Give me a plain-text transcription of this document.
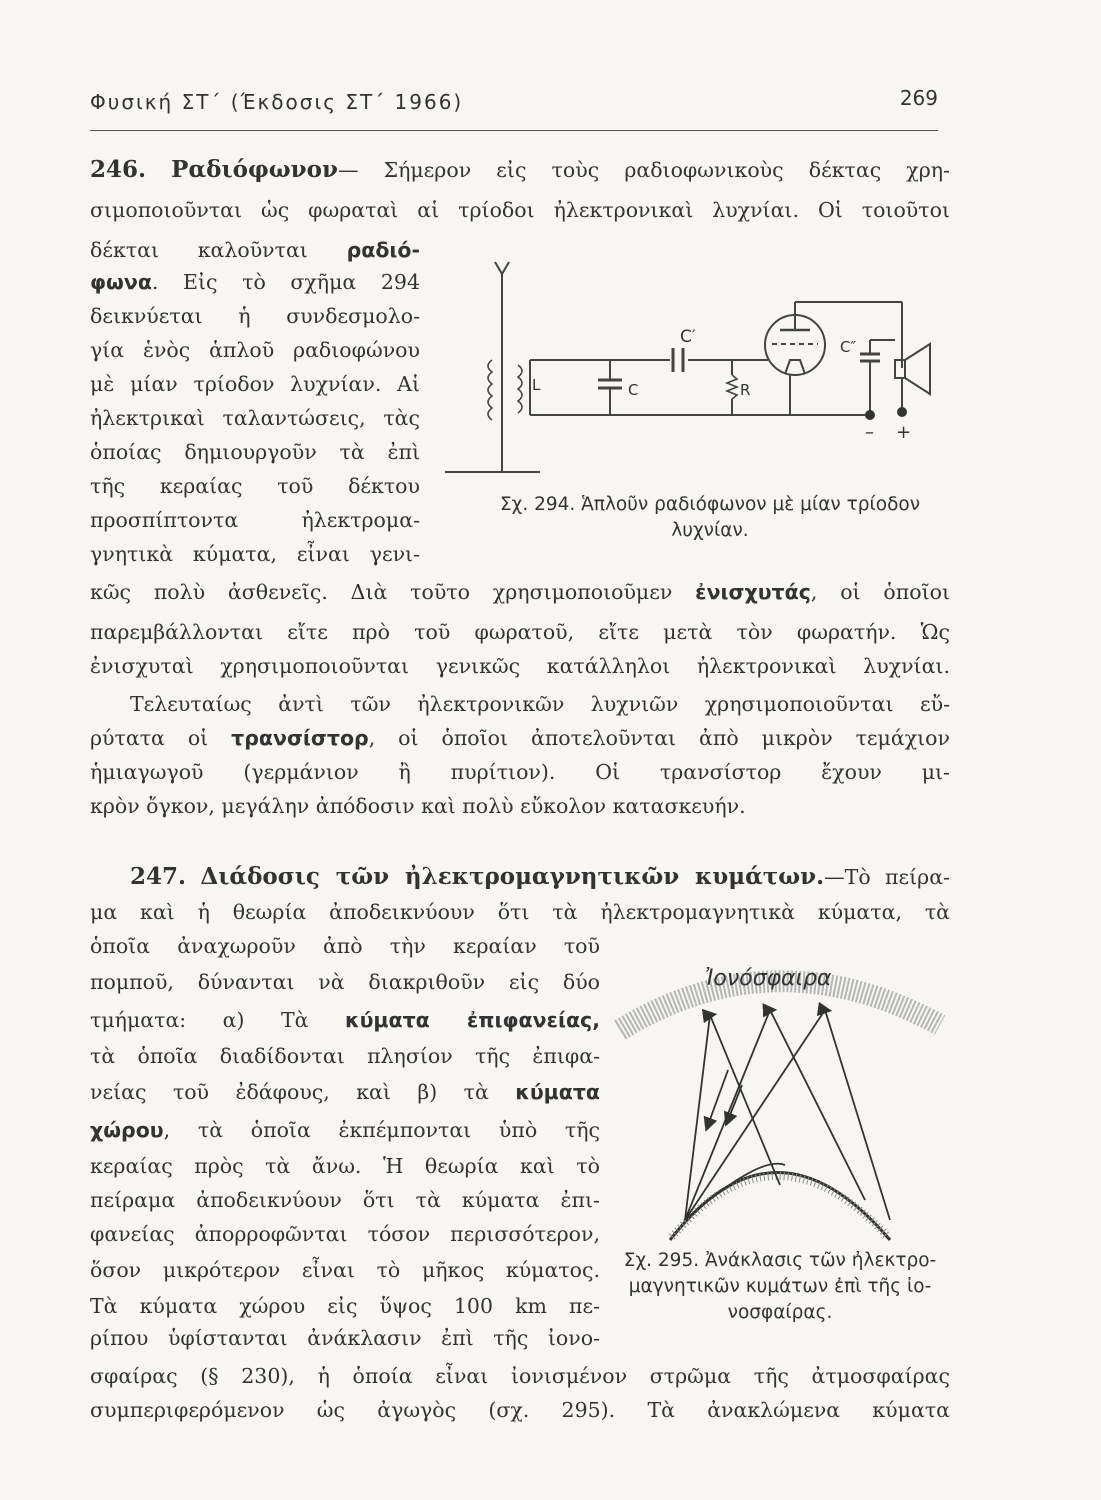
Φυσική ΣΤ΄ (Έκδοσις ΣΤ΄ 1966)	269
246. Ραδιόφωνον— Σήμερον εἰς τοὺς ραδιοφωνικοὺς δέκτας χρη-
σιμοποιοῦνται ὡς φωραταὶ αἱ τρίοδοι ἠλεκτρονικαὶ λυχνίαι. Οἱ τοιοῦτοι
δέκται καλοῦνται ραδιό-
φωνα. Εἰς τὸ σχῆμα 294
δεικνύεται ἡ συνδεσμολο-
γία ἑνὸς ἁπλοῦ ραδιοφώνου
μὲ μίαν τρίοδον λυχνίαν. Αἱ
ἠλεκτρικαὶ ταλαντώσεις, τὰς
ὁποίας δημιουργοῦν τὰ ἐπὶ
τῆς κεραίας τοῦ δέκτου
προσπίπτοντα ἠλεκτρομα-
γνητικὰ κύματα, εἶναι γενι-
C′
C
L	R
C″
– +
Σχ. 294. Ἁπλοῦν ραδιόφωνον μὲ μίαν τρίοδον
λυχνίαν.
κῶς πολὺ ἀσθενεῖς. Διὰ τοῦτο χρησιμοποιοῦμεν ἐνισχυτάς, οἱ ὁποῖοι
παρεμβάλλονται εἴτε πρὸ τοῦ φωρατοῦ, εἴτε μετὰ τὸν φωρατήν. Ὡς
ἐνισχυταὶ χρησιμοποιοῦνται γενικῶς κατάλληλοι ἠλεκτρονικαὶ λυχνίαι.
Τελευταίως ἀντὶ τῶν ἠλεκτρονικῶν λυχνιῶν χρησιμοποιοῦνται εὔ-
ρύτατα οἱ τρανσίστορ, οἱ ὁποῖοι ἀποτελοῦνται ἀπὸ μικρὸν τεμάχιον
ἡμιαγωγοῦ (γερμάνιον ἢ πυρίτιον). Οἱ τρανσίστορ ἔχουν μι-
κρὸν ὄγκον, μεγάλην ἀπόδοσιν καὶ πολὺ εὔκολον κατασκευήν.
247. Διάδοσις τῶν ἠλεκτρομαγνητικῶν κυμάτων.—Τὸ πείρα-
μα καὶ ἡ θεωρία ἀποδεικνύουν ὅτι τὰ ἠλεκτρομαγνητικὰ κύματα, τὰ
ὁποῖα ἀναχωροῦν ἀπὸ τὴν κεραίαν τοῦ
πομποῦ, δύνανται νὰ διακριθοῦν εἰς δύο
τμήματα: α) Τὰ κύματα ἐπιφανείας,
τὰ ὁποῖα διαδίδονται πλησίον τῆς ἐπιφα-
νείας τοῦ ἐδάφους, καὶ β) τὰ κύματα
χώρου, τὰ ὁποῖα ἐκπέμπονται ὑπὸ τῆς
κεραίας πρὸς τὰ ἄνω. Ἡ θεωρία καὶ τὸ
πείραμα ἀποδεικνύουν ὅτι τὰ κύματα ἐπι-
φανείας ἀπορροφῶνται τόσον περισσότερον,
ὅσον μικρότερον εἶναι τὸ μῆκος κύματος.
Τὰ κύματα χώρου εἰς ὕψος 100 km πε-
ρίπου ὑφίστανται ἀνάκλασιν ἐπὶ τῆς ἰονο-
Ἰονόσφαιρα
Σχ. 295. Ἀνάκλασις τῶν ἠλεκτρο-
μαγνητικῶν κυμάτων ἐπὶ τῆς ἰο-
νοσφαίρας.
σφαίρας (§ 230), ἡ ὁποία εἶναι ἰονισμένον στρῶμα τῆς ἀτμοσφαίρας
συμπεριφερόμενον ὡς ἀγωγὸς (σχ. 295). Τὰ ἀνακλώμενα κύματα
